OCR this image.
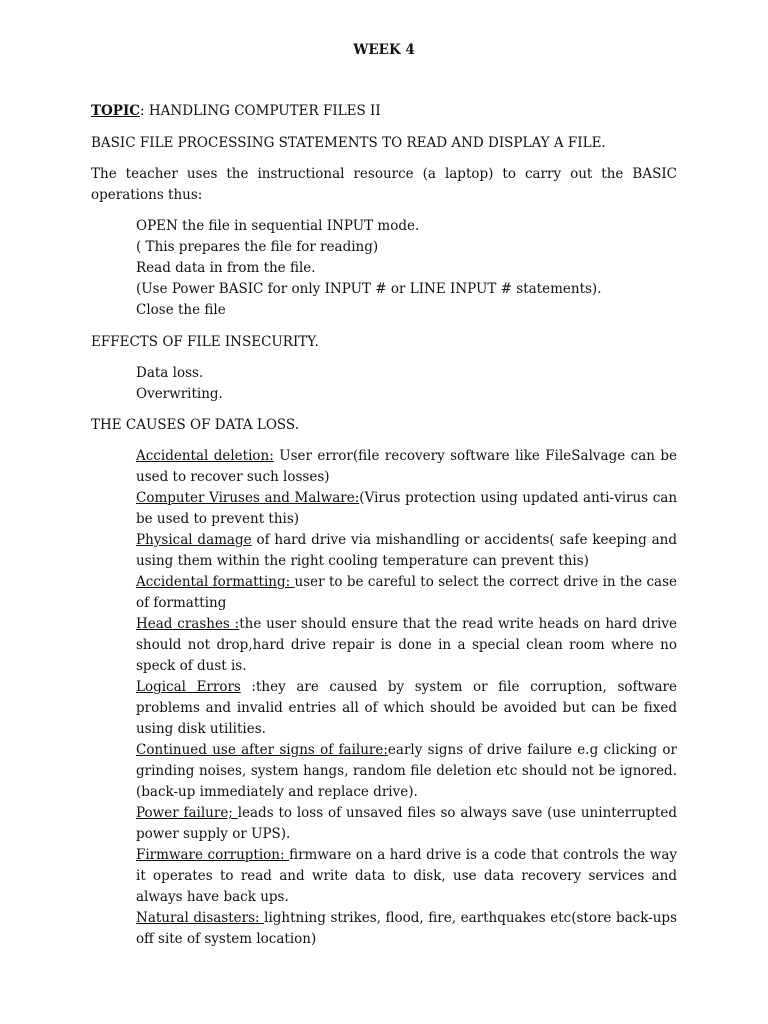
WEEK 4

TOPIC: HANDLING COMPUTER FILES II

BASIC FILE PROCESSING STATEMENTS TO READ AND DISPLAY A FILE.

The teacher uses the instructional resource (a laptop) to carry out the BASIC operations thus:

OPEN the file in sequential INPUT mode.
( This prepares the file for reading)
Read data in from the file.
(Use Power BASIC for only INPUT # or LINE INPUT # statements).
Close the file

EFFECTS OF FILE INSECURITY.

Data loss.
Overwriting.

THE CAUSES OF DATA LOSS.

Accidental deletion: User error(file recovery software like FileSalvage can be used to recover such losses)
Computer Viruses and Malware:(Virus protection using updated anti-virus can be used to prevent this)
Physical damage of hard drive via mishandling or accidents( safe keeping and using them within the right cooling temperature can prevent this)
Accidental formatting: user to be careful to select the correct drive in the case of formatting
Head crashes :the user should ensure that the read write heads on hard drive should not drop,hard drive repair is done in a special clean room where no speck of dust is.
Logical Errors :they are caused by system or file corruption, software problems and invalid entries all of which should be avoided but can be fixed using disk utilities.
Continued use after signs of failure:early signs of drive failure e.g clicking or grinding noises, system hangs, random file deletion etc should not be ignored.(back-up immediately and replace drive).
Power failure; leads to loss of unsaved files so always save (use uninterrupted power supply or UPS).
Firmware corruption: firmware on a hard drive is a code that controls the way it operates to read and write data to disk, use data recovery services and always have back ups.
Natural disasters: lightning strikes, flood, fire, earthquakes etc(store back-ups off site of system location)
